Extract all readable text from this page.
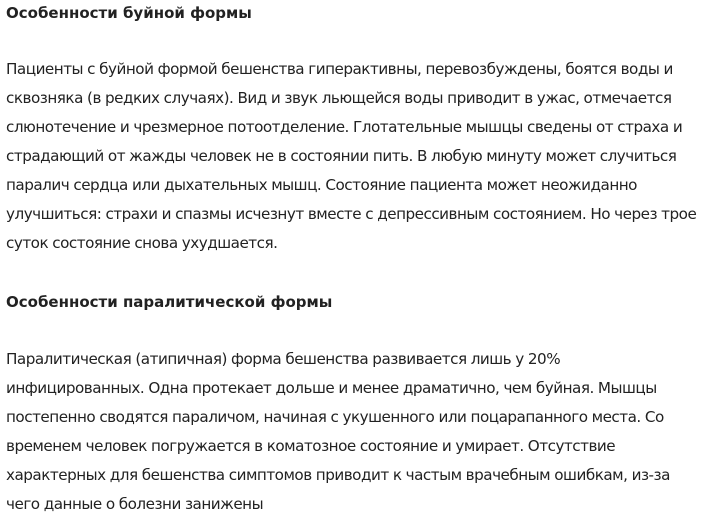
Особенности буйной формы

Пациенты с буйной формой бешенства гиперактивны, перевозбуждены, боятся воды и сквозняка (в редких случаях). Вид и звук льющейся воды приводит в ужас, отмечается слюнотечение и чрезмерное потоотделение. Глотательные мышцы сведены от страха и страдающий от жажды человек не в состоянии пить. В любую минуту может случиться паралич сердца или дыхательных мышц. Состояние пациента может неожиданно улучшиться: страхи и спазмы исчезнут вместе с депрессивным состоянием. Но через трое суток состояние снова ухудшается.

Особенности паралитической формы

Паралитическая (атипичная) форма бешенства развивается лишь у 20% инфицированных. Одна протекает дольше и менее драматично, чем буйная. Мышцы постепенно сводятся параличом, начиная с укушенного или поцарапанного места. Со временем человек погружается в коматозное состояние и умирает. Отсутствие характерных для бешенства симптомов приводит к частым врачебным ошибкам, из-за чего данные о болезни занижены
